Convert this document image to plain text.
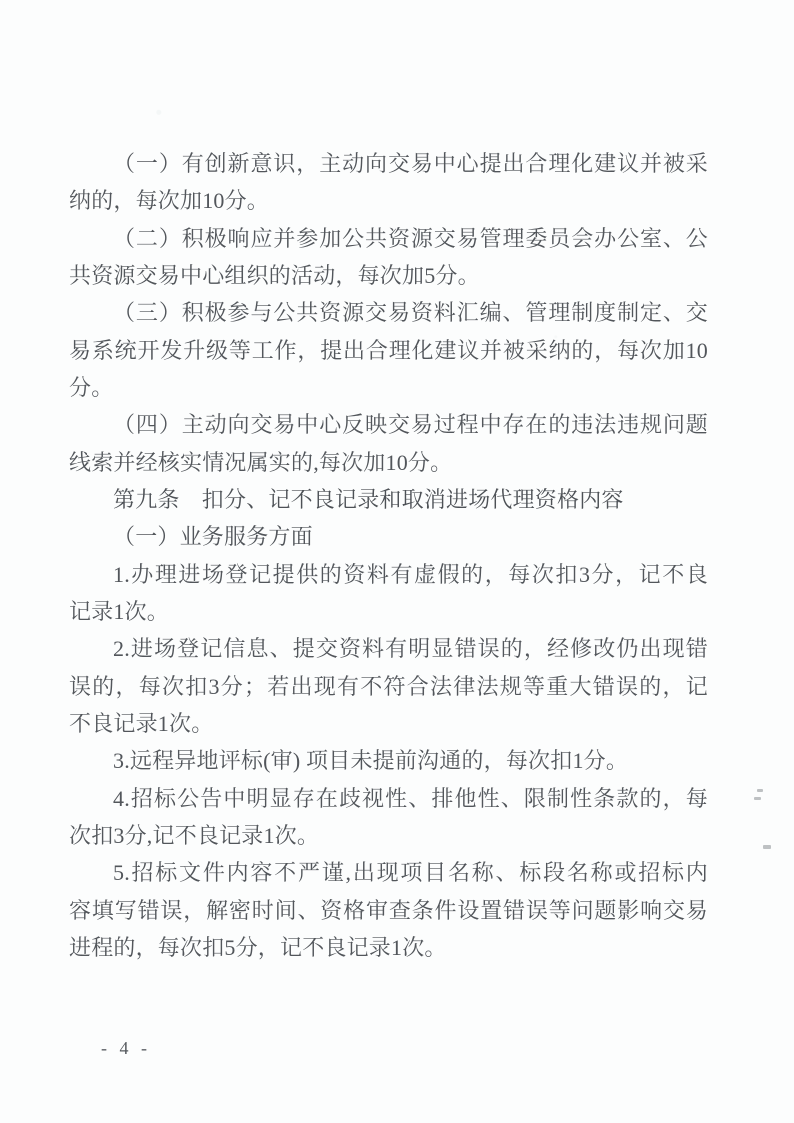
（一）有创新意识，主动向交易中心提出合理化建议并被采
纳的，每次加10分。

（二）积极响应并参加公共资源交易管理委员会办公室、公
共资源交易中心组织的活动，每次加5分。

（三）积极参与公共资源交易资料汇编、管理制度制定、交
易系统开发升级等工作，提出合理化建议并被采纳的，每次加10
分。

（四）主动向交易中心反映交易过程中存在的违法违规问题
线索并经核实情况属实的,每次加10分。

第九条　扣分、记不良记录和取消进场代理资格内容

（一）业务服务方面

1.办理进场登记提供的资料有虚假的，每次扣3分，记不良
记录1次。

2.进场登记信息、提交资料有明显错误的，经修改仍出现错
误的，每次扣3分；若出现有不符合法律法规等重大错误的，记
不良记录1次。

3.远程异地评标(审) 项目未提前沟通的，每次扣1分。

4.招标公告中明显存在歧视性、排他性、限制性条款的，每
次扣3分,记不良记录1次。

5.招标文件内容不严谨,出现项目名称、标段名称或招标内
容填写错误，解密时间、资格审查条件设置错误等问题影响交易
进程的，每次扣5分，记不良记录1次。

- 4 -
